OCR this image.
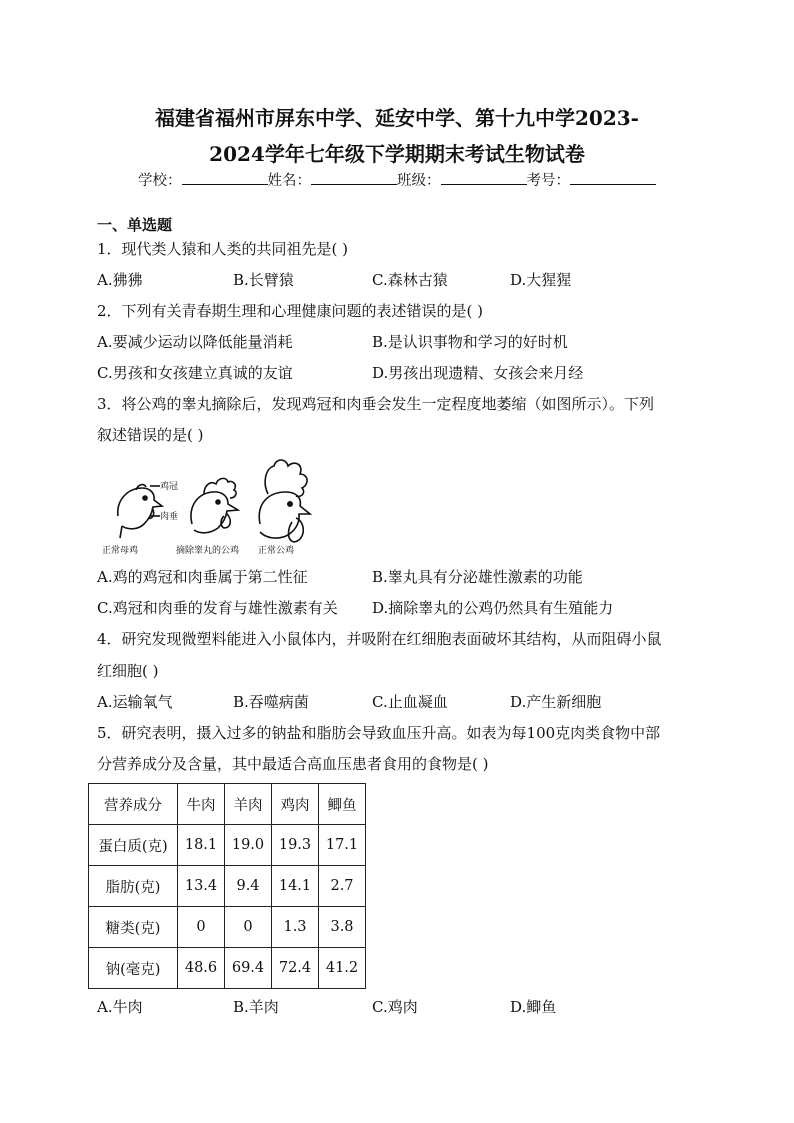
福建省福州市屏东中学、延安中学、第十九中学2023-
2024学年七年级下学期期末考试生物试卷
学校：	姓名：	班级：	考号：
一、单选题
1．现代类人猿和人类的共同祖先是( )
A.狒狒	B.长臂猿	C.森林古猿	D.大猩猩
2．下列有关青春期生理和心理健康问题的表述错误的是( )
A.要减少运动以降低能量消耗	B.是认识事物和学习的好时机
C.男孩和女孩建立真诚的友谊	D.男孩出现遗精、女孩会来月经
3．将公鸡的睾丸摘除后，发现鸡冠和肉垂会发生一定程度地萎缩（如图所示）。下列
叙述错误的是( )
鸡冠
肉垂
正常母鸡	摘除睾丸的公鸡 正常公鸡
A.鸡的鸡冠和肉垂属于第二性征	B.睾丸具有分泌雄性激素的功能
C.鸡冠和肉垂的发育与雄性激素有关 D.摘除睾丸的公鸡仍然具有生殖能力
4．研究发现微塑料能进入小鼠体内，并吸附在红细胞表面破坏其结构，从而阻碍小鼠
红细胞( )
A.运输氧气	B.吞噬病菌	C.止血凝血	D.产生新细胞
5．研究表明，摄入过多的钠盐和脂肪会导致血压升高。如表为每100克肉类食物中部
分营养成分及含量，其中最适合高血压患者食用的食物是( )
营养成分	牛肉	羊肉	鸡肉	鲫鱼
蛋白质(克)	18.1	19.0	19.3	17.1
脂肪(克)	13.4	9.4	14.1	2.7
糖类(克)	0	0	1.3	3.8
钠(毫克)	48.6	69.4	72.4	41.2
A.牛肉	B.羊肉	C.鸡肉	D.鲫鱼
